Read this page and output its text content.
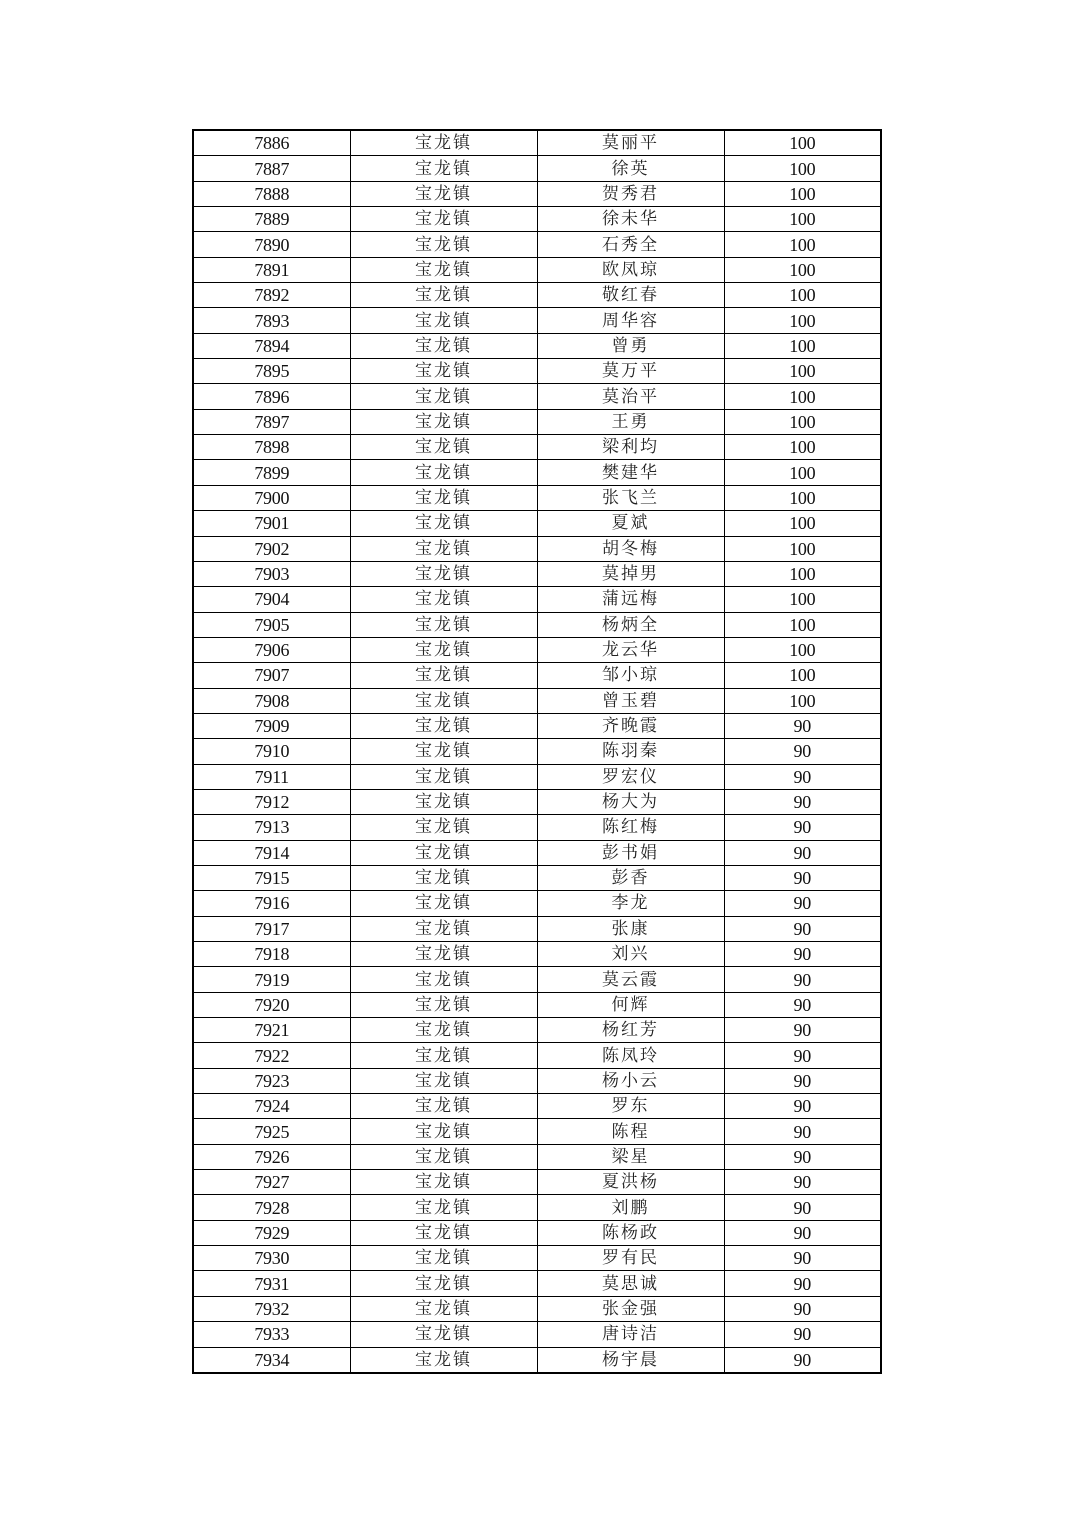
7886	宝龙镇	莫丽平	100
7887	宝龙镇	徐英	100
7888	宝龙镇	贺秀君	100
7889	宝龙镇	徐未华	100
7890	宝龙镇	石秀全	100
7891	宝龙镇	欧凤琼	100
7892	宝龙镇	敬红春	100
7893	宝龙镇	周华容	100
7894	宝龙镇	曾勇	100
7895	宝龙镇	莫万平	100
7896	宝龙镇	莫治平	100
7897	宝龙镇	王勇	100
7898	宝龙镇	梁利均	100
7899	宝龙镇	樊建华	100
7900	宝龙镇	张飞兰	100
7901	宝龙镇	夏斌	100
7902	宝龙镇	胡冬梅	100
7903	宝龙镇	莫掉男	100
7904	宝龙镇	蒲远梅	100
7905	宝龙镇	杨炳全	100
7906	宝龙镇	龙云华	100
7907	宝龙镇	邹小琼	100
7908	宝龙镇	曾玉碧	100
7909	宝龙镇	齐晚霞	90
7910	宝龙镇	陈羽秦	90
7911	宝龙镇	罗宏仪	90
7912	宝龙镇	杨大为	90
7913	宝龙镇	陈红梅	90
7914	宝龙镇	彭书娟	90
7915	宝龙镇	彭香	90
7916	宝龙镇	李龙	90
7917	宝龙镇	张康	90
7918	宝龙镇	刘兴	90
7919	宝龙镇	莫云霞	90
7920	宝龙镇	何辉	90
7921	宝龙镇	杨红芳	90
7922	宝龙镇	陈凤玲	90
7923	宝龙镇	杨小云	90
7924	宝龙镇	罗东	90
7925	宝龙镇	陈程	90
7926	宝龙镇	梁星	90
7927	宝龙镇	夏洪杨	90
7928	宝龙镇	刘鹏	90
7929	宝龙镇	陈杨政	90
7930	宝龙镇	罗有民	90
7931	宝龙镇	莫思诚	90
7932	宝龙镇	张金强	90
7933	宝龙镇	唐诗洁	90
7934	宝龙镇	杨宇晨	90
